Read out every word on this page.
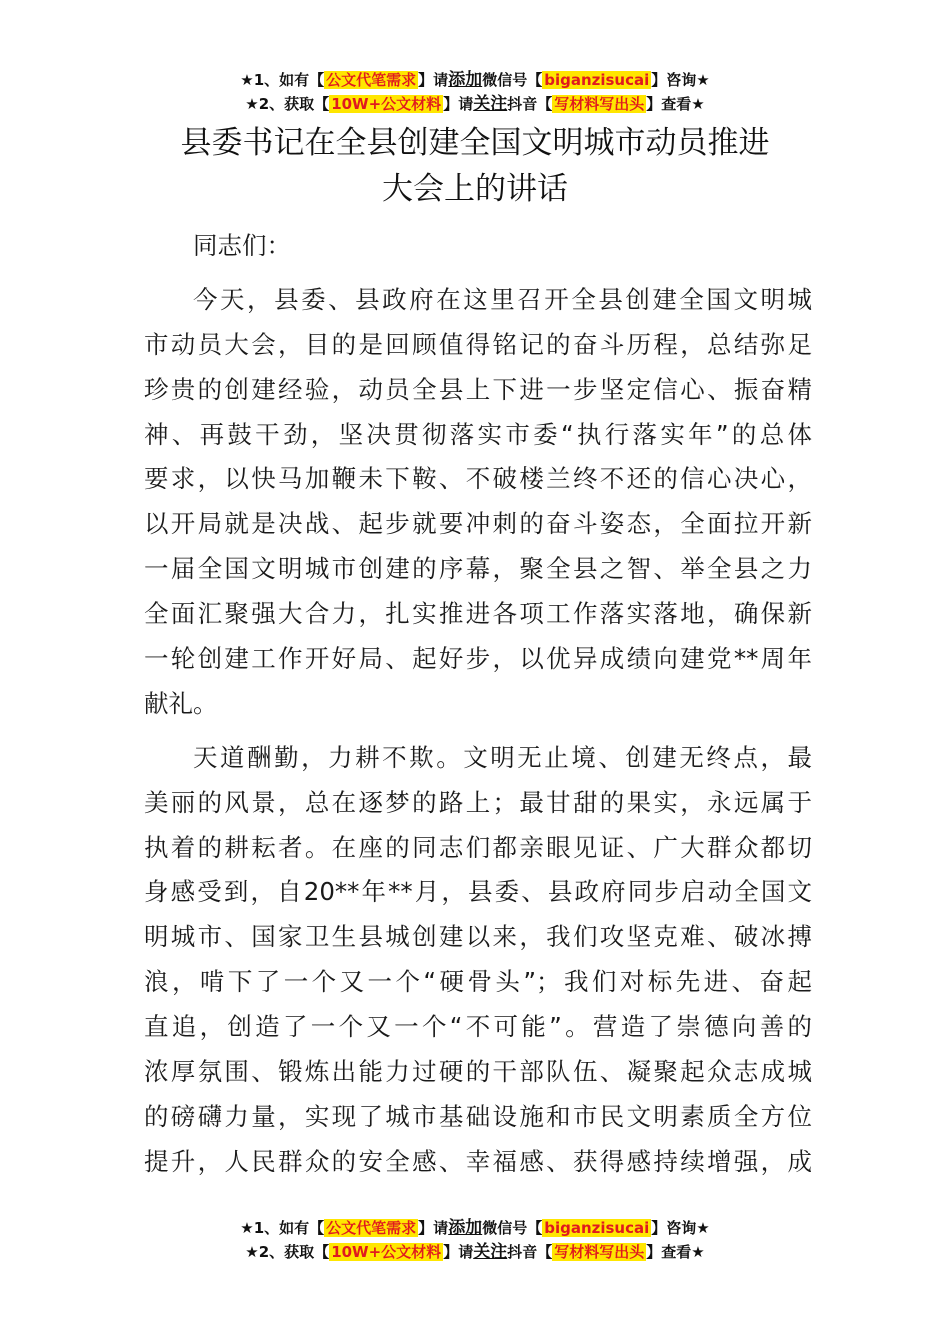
★1、如有【 公文代笔需求 】请添加微信号【 biganzisucai 】咨询★
★2、获取【 10W+公文材料 】请关注抖音【 写材料写出头 】查看★
县委书记在全县创建全国文明城市动员推进
大会上的讲话
同志们：
今天，县委、县政府在这里召开全县创建全国文明城
市动员大会，目的是回顾值得铭记的奋斗历程，总结弥足
珍贵的创建经验，动员全县上下进一步坚定信心、振奋精
神、再鼓干劲，坚决贯彻落实市委“执行落实年”的总体
要求，以快马加鞭未下鞍、不破楼兰终不还的信心决心，
以开局就是决战、起步就要冲刺的奋斗姿态，全面拉开新
一届全国文明城市创建的序幕，聚全县之智、举全县之力
全面汇聚强大合力，扎实推进各项工作落实落地，确保新
一轮创建工作开好局、起好步，以优异成绩向建党**周年
献礼。
天道酬勤，力耕不欺。文明无止境、创建无终点，最
美丽的风景，总在逐梦的路上；最甘甜的果实，永远属于
执着的耕耘者。在座的同志们都亲眼见证、广大群众都切
身感受到，自20**年**月，县委、县政府同步启动全国文
明城市、国家卫生县城创建以来，我们攻坚克难、破冰搏
浪，啃下了一个又一个“硬骨头”；我们对标先进、奋起
直追，创造了一个又一个“不可能”。营造了崇德向善的
浓厚氛围、锻炼出能力过硬的干部队伍、凝聚起众志成城
的磅礴力量，实现了城市基础设施和市民文明素质全方位
提升，人民群众的安全感、幸福感、获得感持续增强，成
★1、如有【 公文代笔需求 】请添加微信号【 biganzisucai 】咨询★
★2、获取【 10W+公文材料 】请关注抖音【 写材料写出头 】查看★
